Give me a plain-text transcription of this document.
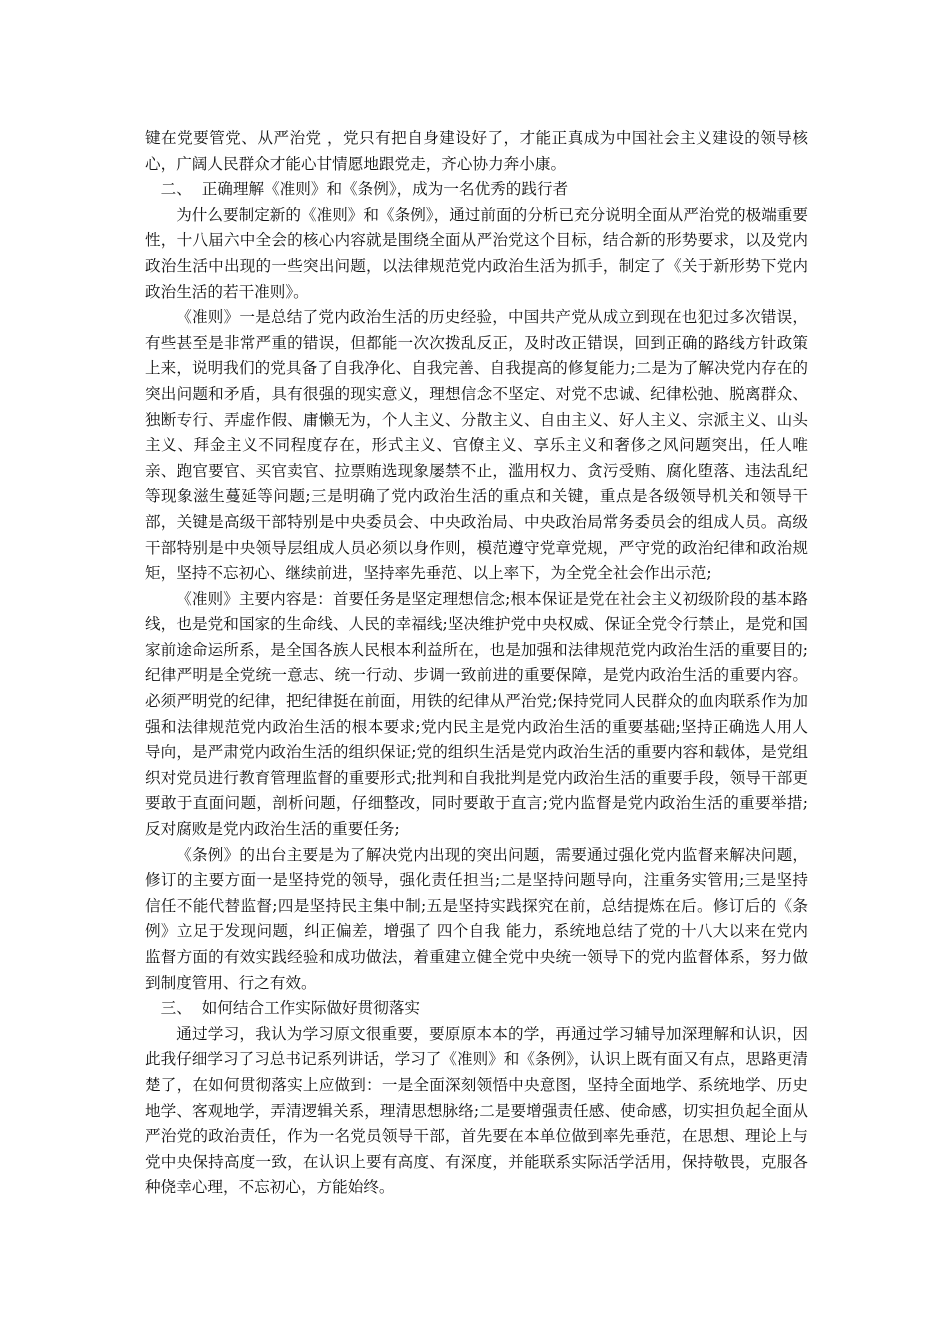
键在党要管党、从严治党 ，党只有把自身建设好了，才能正真成为中国社会主义建设的领导核心，广阔人民群众才能心甘情愿地跟党走，齐心协力奔小康。

二、  正确理解《准则》和《条例》，成为一名优秀的践行者

为什么要制定新的《准则》和《条例》，通过前面的分析已充分说明全面从严治党的极端重要性，十八届六中全会的核心内容就是围绕全面从严治党这个目标，结合新的形势要求，以及党内政治生活中出现的一些突出问题，以法律规范党内政治生活为抓手，制定了《关于新形势下党内政治生活的若干准则》。

《准则》一是总结了党内政治生活的历史经验，中国共产党从成立到现在也犯过多次错误，有些甚至是非常严重的错误，但都能一次次拨乱反正，及时改正错误，回到正确的路线方针政策上来，说明我们的党具备了自我净化、自我完善、自我提高的修复能力;二是为了解决党内存在的突出问题和矛盾，具有很强的现实意义，理想信念不坚定、对党不忠诚、纪律松弛、脱离群众、独断专行、弄虚作假、庸懒无为，个人主义、分散主义、自由主义、好人主义、宗派主义、山头主义、拜金主义不同程度存在，形式主义、官僚主义、享乐主义和奢侈之风问题突出，任人唯亲、跑官要官、买官卖官、拉票贿选现象屡禁不止，滥用权力、贪污受贿、腐化堕落、违法乱纪等现象滋生蔓延等问题;三是明确了党内政治生活的重点和关键，重点是各级领导机关和领导干部，关键是高级干部特别是中央委员会、中央政治局、中央政治局常务委员会的组成人员。高级干部特别是中央领导层组成人员必须以身作则，模范遵守党章党规，严守党的政治纪律和政治规矩，坚持不忘初心、继续前进，坚持率先垂范、以上率下，为全党全社会作出示范;

《准则》主要内容是：首要任务是坚定理想信念;根本保证是党在社会主义初级阶段的基本路线，也是党和国家的生命线、人民的幸福线;坚决维护党中央权威、保证全党令行禁止，是党和国家前途命运所系，是全国各族人民根本利益所在，也是加强和法律规范党内政治生活的重要目的;纪律严明是全党统一意志、统一行动、步调一致前进的重要保障，是党内政治生活的重要内容。必须严明党的纪律，把纪律挺在前面，用铁的纪律从严治党;保持党同人民群众的血肉联系作为加强和法律规范党内政治生活的根本要求;党内民主是党内政治生活的重要基础;坚持正确选人用人导向，是严肃党内政治生活的组织保证;党的组织生活是党内政治生活的重要内容和载体，是党组织对党员进行教育管理监督的重要形式;批判和自我批判是党内政治生活的重要手段，领导干部更要敢于直面问题，剖析问题，仔细整改，同时要敢于直言;党内监督是党内政治生活的重要举措;反对腐败是党内政治生活的重要任务;

《条例》的出台主要是为了解决党内出现的突出问题，需要通过强化党内监督来解决问题，修订的主要方面一是坚持党的领导，强化责任担当;二是坚持问题导向，注重务实管用;三是坚持信任不能代替监督;四是坚持民主集中制;五是坚持实践探究在前，总结提炼在后。修订后的《条例》立足于发现问题，纠正偏差，增强了 四个自我 能力，系统地总结了党的十八大以来在党内监督方面的有效实践经验和成功做法，着重建立健全党中央统一领导下的党内监督体系，努力做到制度管用、行之有效。

三、  如何结合工作实际做好贯彻落实

通过学习，我认为学习原文很重要，要原原本本的学，再通过学习辅导加深理解和认识，因此我仔细学习了习总书记系列讲话，学习了《准则》和《条例》，认识上既有面又有点，思路更清楚了，在如何贯彻落实上应做到：一是全面深刻领悟中央意图，坚持全面地学、系统地学、历史地学、客观地学，弄清逻辑关系，理清思想脉络;二是要增强责任感、使命感，切实担负起全面从严治党的政治责任，作为一名党员领导干部，首先要在本单位做到率先垂范，在思想、理论上与党中央保持高度一致，在认识上要有高度、有深度，并能联系实际活学活用，保持敬畏，克服各种侥幸心理，不忘初心，方能始终。
